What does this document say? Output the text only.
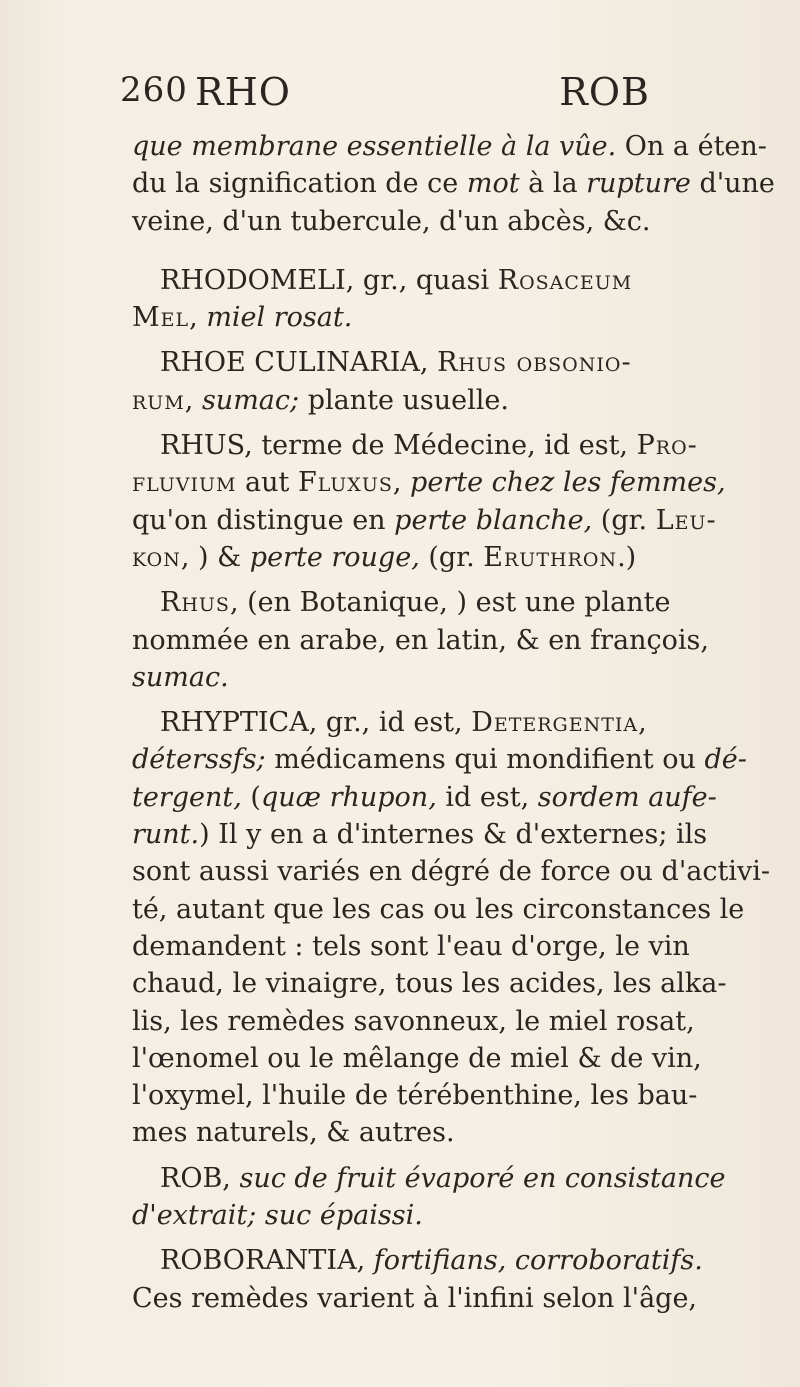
260 RHO	ROB
que membrane essentielle à la vûe. On a éten-
du la signification de ce mot à la rupture d'une
veine, d'un tubercule, d'un abcès, &c.
RHODOMELI, gr., quasi Rosaceum
Mel, miel rosat.
RHOE CULINARIA, Rhus obsonio-
rum, sumac; plante usuelle.
RHUS, terme de Médecine, id est, Pro-
fluvium aut Fluxus, perte chez les femmes,
qu'on distingue en perte blanche, (gr. Leu-
kon, ) & perte rouge, (gr. Eruthron.)
Rhus, (en Botanique, ) est une plante
nommée en arabe, en latin, & en françois,
sumac.
RHYPTICA, gr., id est, Detergentia,
déterssfs; médicamens qui mondifient ou dé-
tergent, (quæ rhupon, id est, sordem aufe-
runt.) Il y en a d'internes & d'externes; ils
sont aussi variés en dégré de force ou d'activi-
té, autant que les cas ou les circonstances le
demandent : tels sont l'eau d'orge, le vin
chaud, le vinaigre, tous les acides, les alka-
lis, les remèdes savonneux, le miel rosat,
l'œnomel ou le mêlange de miel & de vin,
l'oxymel, l'huile de térébenthine, les bau-
mes naturels, & autres.
ROB, suc de fruit évaporé en consistance
d'extrait; suc épaissi.
ROBORANTIA, fortifians, corroboratifs.
Ces remèdes varient à l'infini selon l'âge,
